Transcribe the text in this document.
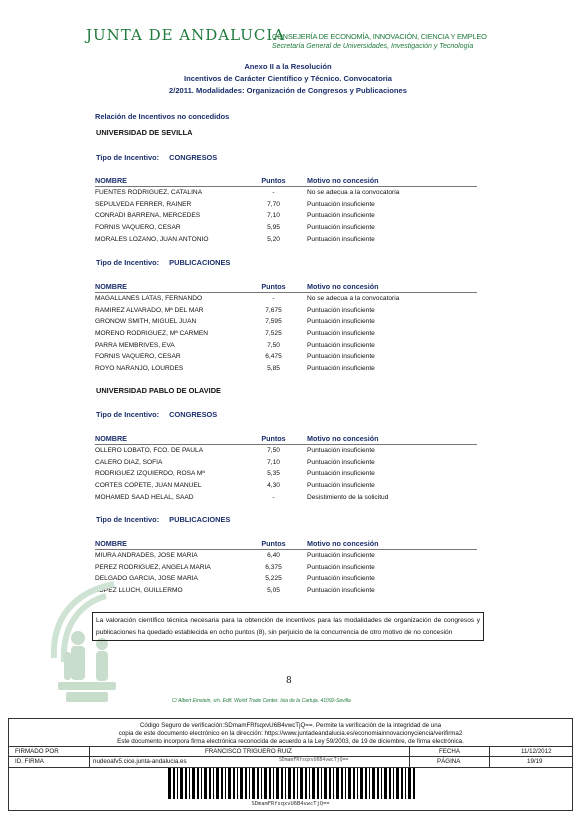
JUNTA DE ANDALUCIA
CONSEJERÍA DE ECONOMÍA, INNOVACIÓN, CIENCIA Y EMPLEO
Secretaría General de Universidades, Investigación y Tecnología
Anexo II a la Resolución
Incentivos de Carácter Científico y Técnico. Convocatoria
2/2011. Modalidades: Organización de Congresos y Publicaciones
Relación de Incentivos no concedidos
UNIVERSIDAD DE SEVILLA
Tipo de Incentivo: CONGRESOS
NOMBRE	Puntos	Motivo no concesión
FUENTES RODRIGUEZ, CATALINA	-	No se adecua a la convocatoria
SEPULVEDA FERRER, RAINER	7,70	Puntuación insuficiente
CONRADI BARRENA, MERCEDES	7,10	Puntuación insuficiente
FORNIS VAQUERO, CESAR	5,95	Puntuación insuficiente
MORALES LOZANO, JUAN ANTONIO	5,20	Puntuación insuficiente
Tipo de Incentivo: PUBLICACIONES
NOMBRE	Puntos	Motivo no concesión
MAGALLANES LATAS, FERNANDO	-	No se adecua a la convocatoria
RAMIREZ ALVARADO, Mª DEL MAR	7,675	Puntuación insuficiente
GRONOW SMITH, MIGUEL JUAN	7,595	Puntuación insuficiente
MORENO RODRIGUEZ, Mª CARMEN	7,525	Puntuación insuficiente
PARRA MEMBRIVES, EVA	7,50	Puntuación insuficiente
FORNIS VAQUERO, CESAR	6,475	Puntuación insuficiente
ROYO NARANJO, LOURDES	5,85	Puntuación insuficiente
UNIVERSIDAD PABLO DE OLAVIDE
Tipo de Incentivo: CONGRESOS
NOMBRE	Puntos	Motivo no concesión
OLLERO LOBATO, FCO. DE PAULA	7,50	Puntuación insuficiente
CALERO DIAZ, SOFIA	7,10	Puntuación insuficiente
RODRIGUEZ IZQUIERDO, ROSA Mª	5,35	Puntuación insuficiente
CORTES COPETE, JUAN MANUEL	4,30	Puntuación insuficiente
MOHAMED SAAD HELAL, SAAD	-	Desistimiento de la solicitud
Tipo de Incentivo: PUBLICACIONES
NOMBRE	Puntos	Motivo no concesión
MIURA ANDRADES, JOSE MARIA	6,40	Puntuación insuficiente
PEREZ RODRIGUEZ, ANGELA MARIA	6,375	Puntuación insuficiente
DELGADO GARCIA, JOSE MARIA	5,225	Puntuación insuficiente
LOPEZ LLUCH, GUILLERMO	5,05	Puntuación insuficiente
La valoración científico técnica necesaria para la obtención de incentivos para las modalidades de organización de congresos y publicaciones ha quedado establecida en ocho puntos (8), sin perjuicio de la concurrencia de otro motivo de no concesión
8
C/ Albert Einstein, s/n. Edif. World Trade Center. Isla de la Cartuja. 41092-Sevilla
Código Seguro de verificación:SDmamFRfsqxvU6B4vwcTjQ==. Permite la verificación de la integridad de una
copia de este documento electrónico en la dirección: https://www.juntadeandalucia.es/economiainnovacionyciencia/verifirma2
Este documento incorpora firma electrónica reconocida de acuerdo a la Ley 59/2003, de 19 de diciembre, de firma electrónica.
FIRMADO POR	FRANCISCO TRIGUERO RUIZ	FECHA	11/12/2012
ID. FIRMA	nudeoafv5.cice.junta-andalucia.es	SDmamFRfsqxvU6B4vwcTjQ==	PÁGINA	19/19
SDmamFRfsqxvU6B4vwcTjQ==
